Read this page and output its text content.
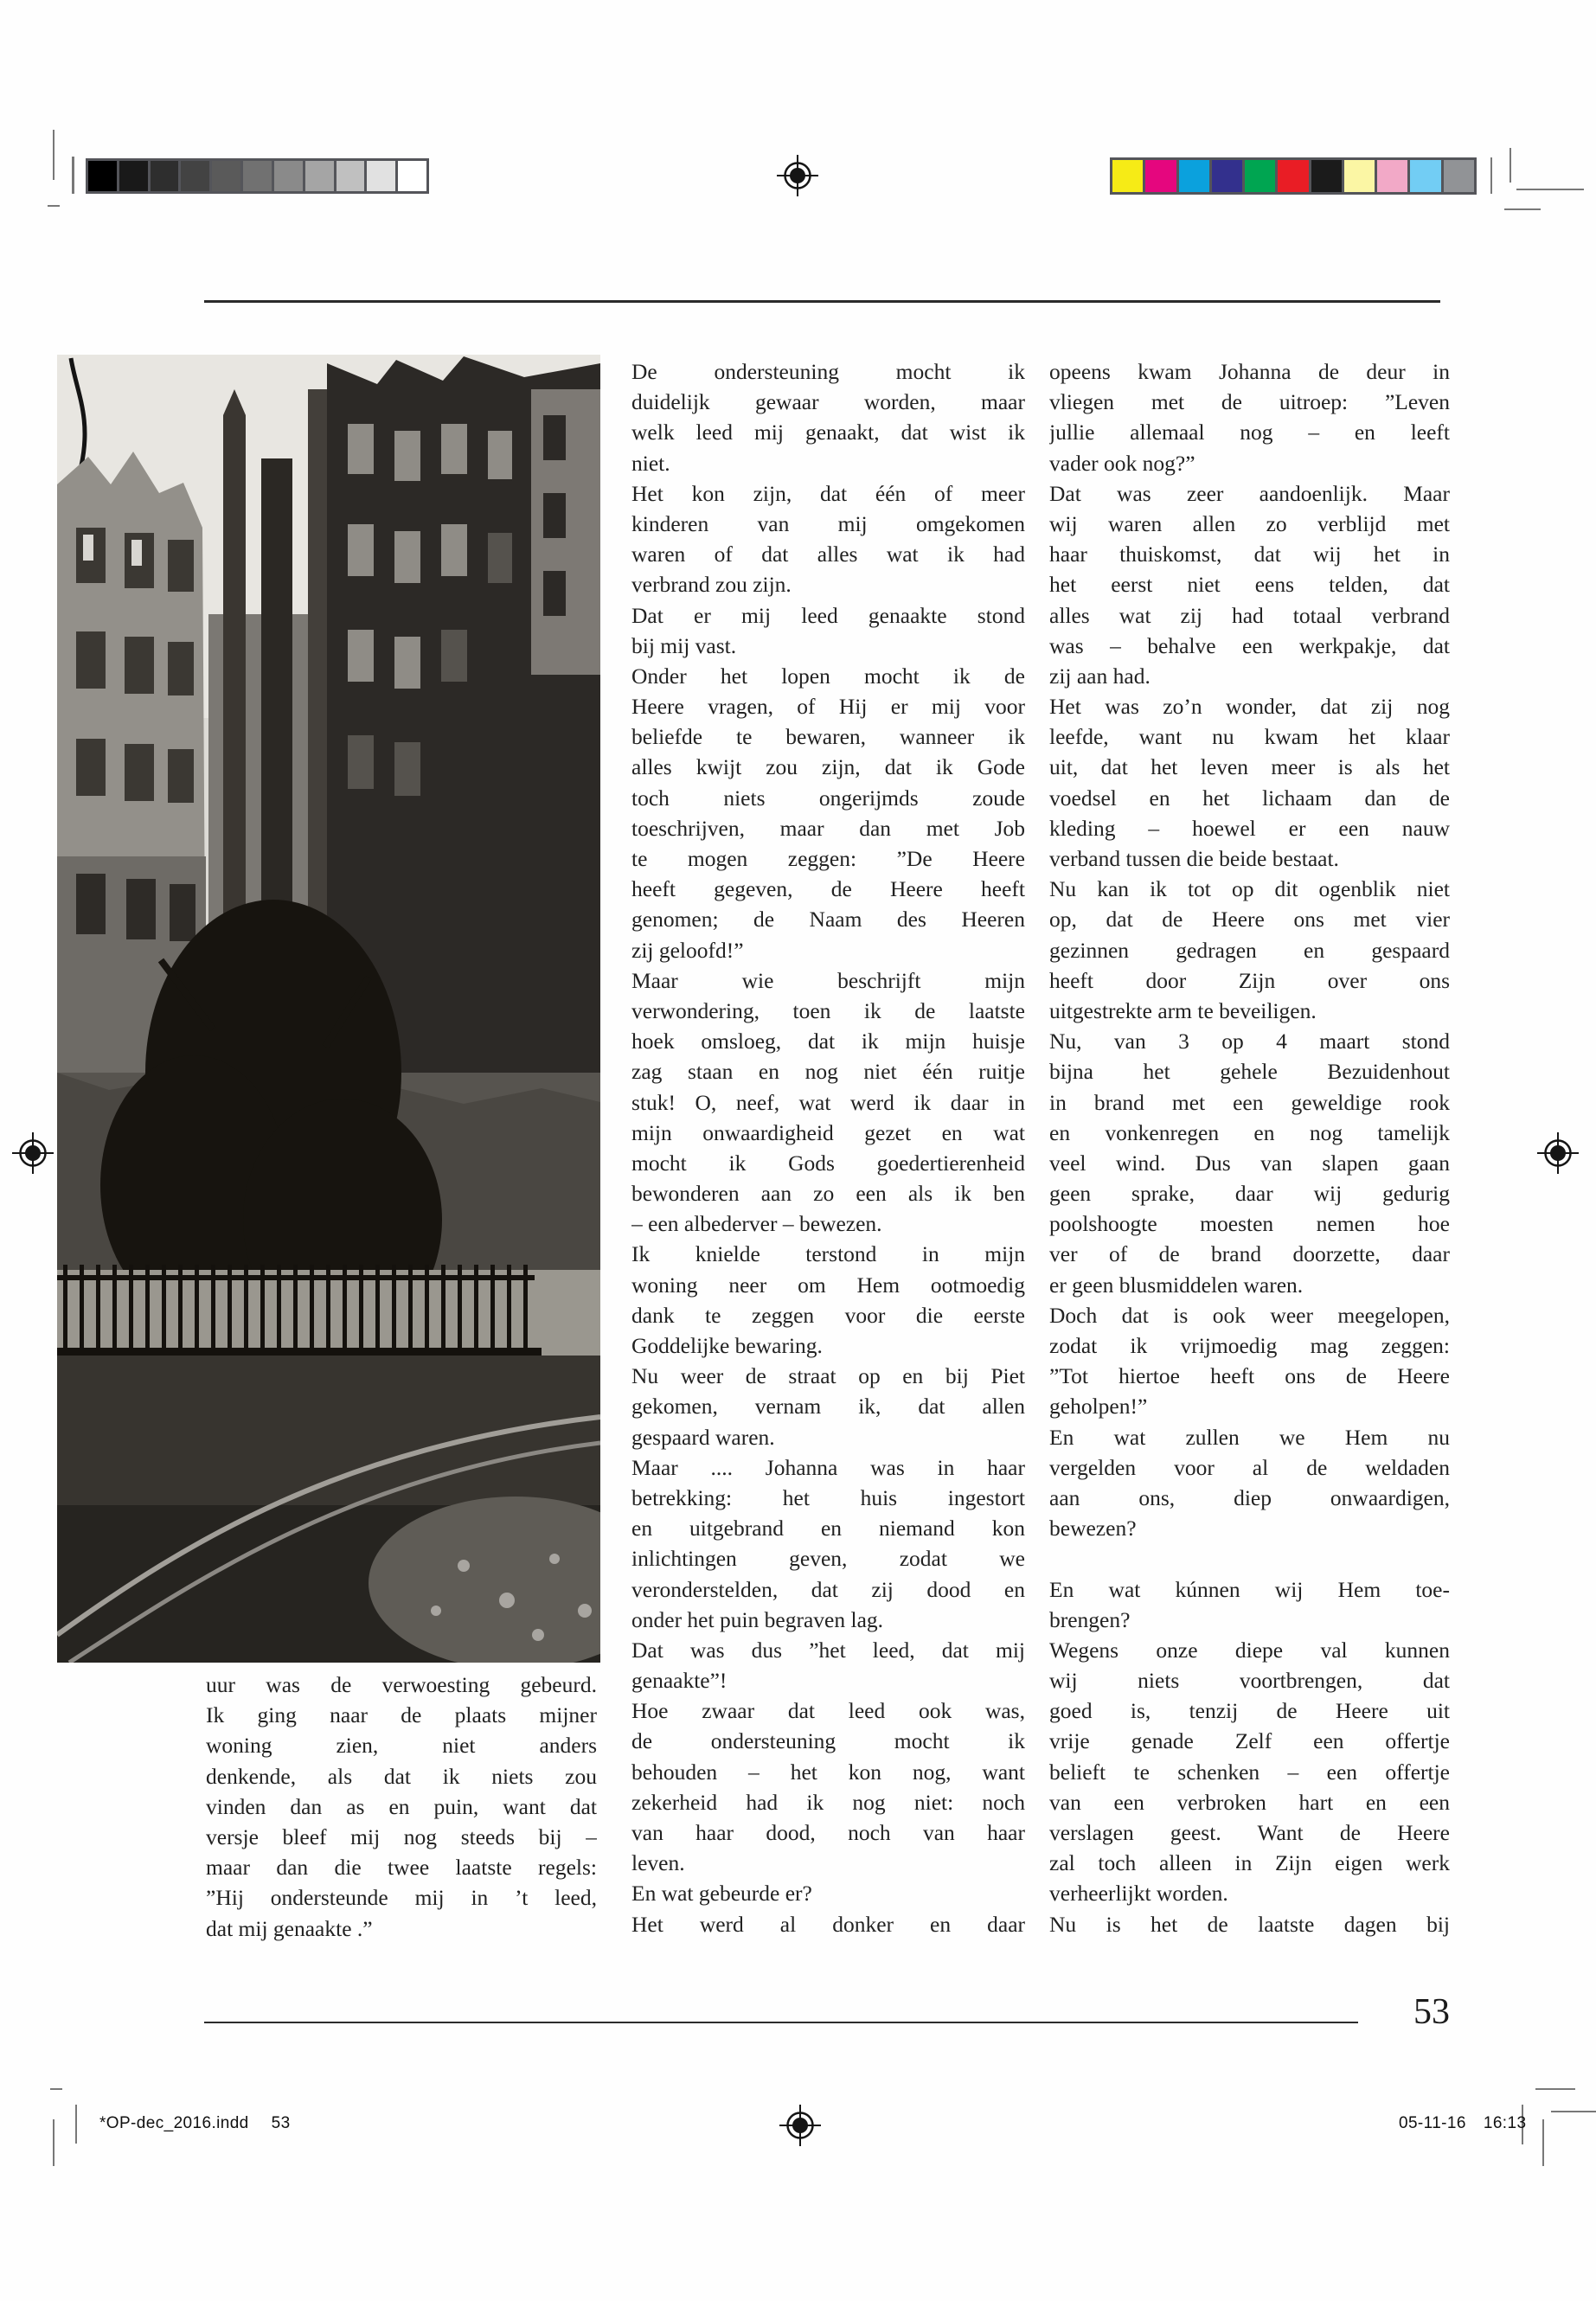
uur was de verwoesting gebeurd.
Ik ging naar de plaats mijner
woning zien, niet anders
denkende, als dat ik niets zou
vinden dan as en puin, want dat
versje bleef mij nog steeds bij –
maar dan die twee laatste regels:
”Hij ondersteunde mij in ’t leed,
dat mij genaakte .”
De ondersteuning mocht ik
duidelijk gewaar worden, maar
welk leed mij genaakt, dat wist ik
niet.
Het kon zijn, dat één of meer
kinderen van mij omgekomen
waren of dat alles wat ik had
verbrand zou zijn.
Dat er mij leed genaakte stond
bij mij vast.
Onder het lopen mocht ik de
Heere vragen, of Hij er mij voor
beliefde te bewaren, wanneer ik
alles kwijt zou zijn, dat ik Gode
toch niets ongerijmds zoude
toeschrijven, maar dan met Job
te mogen zeggen: ”De Heere
heeft gegeven, de Heere heeft
genomen; de Naam des Heeren
zij geloofd!”
Maar wie beschrijft mijn
verwondering, toen ik de laatste
hoek omsloeg, dat ik mijn huisje
zag staan en nog niet één ruitje
stuk! O, neef, wat werd ik daar in
mijn onwaardigheid gezet en wat
mocht ik Gods goedertierenheid
bewonderen aan zo een als ik ben
– een albederver – bewezen.
Ik knielde terstond in mijn
woning neer om Hem ootmoedig
dank te zeggen voor die eerste
Goddelijke bewaring.
Nu weer de straat op en bij Piet
gekomen, vernam ik, dat allen
gespaard waren.
Maar .... Johanna was in haar
betrekking: het huis ingestort
en uitgebrand en niemand kon
inlichtingen geven, zodat we
veronderstelden, dat zij dood en
onder het puin begraven lag.
Dat was dus ”het leed, dat mij
genaakte”!
Hoe zwaar dat leed ook was,
de ondersteuning mocht ik
behouden – het kon nog, want
zekerheid had ik nog niet: noch
van haar dood, noch van haar
leven.
En wat gebeurde er?
Het werd al donker en daar
opeens kwam Johanna de deur in
vliegen met de uitroep: ”Leven
jullie allemaal nog – en leeft
vader ook nog?”
Dat was zeer aandoenlijk. Maar
wij waren allen zo verblijd met
haar thuiskomst, dat wij het in
het eerst niet eens telden, dat
alles wat zij had totaal verbrand
was – behalve een werkpakje, dat
zij aan had.
Het was zo’n wonder, dat zij nog
leefde, want nu kwam het klaar
uit, dat het leven meer is als het
voedsel en het lichaam dan de
kleding – hoewel er een nauw
verband tussen die beide bestaat.
Nu kan ik tot op dit ogenblik niet
op, dat de Heere ons met vier
gezinnen gedragen en gespaard
heeft door Zijn over ons
uitgestrekte arm te beveiligen.
Nu, van 3 op 4 maart stond
bijna het gehele Bezuidenhout
in brand met een geweldige rook
en vonkenregen en nog tamelijk
veel wind. Dus van slapen gaan
geen sprake, daar wij gedurig
poolshoogte moesten nemen hoe
ver of de brand doorzette, daar
er geen blusmiddelen waren.
Doch dat is ook weer meegelopen,
zodat ik vrijmoedig mag zeggen:
”Tot hiertoe heeft ons de Heere
geholpen!”
En wat zullen we Hem nu
vergelden voor al de weldaden
aan ons, diep onwaardigen,
bewezen?
En wat kúnnen wij Hem toe-
brengen?
Wegens onze diepe val kunnen
wij niets voortbrengen, dat
goed is, tenzij de Heere uit
vrije genade Zelf een offertje
belieft te schenken – een offertje
van een verbroken hart en een
verslagen geest. Want de Heere
zal toch alleen in Zijn eigen werk
verheerlijkt worden.
Nu is het de laatste dagen bij
53
*OP-dec_2016.indd 53	05-11-16 16:13
